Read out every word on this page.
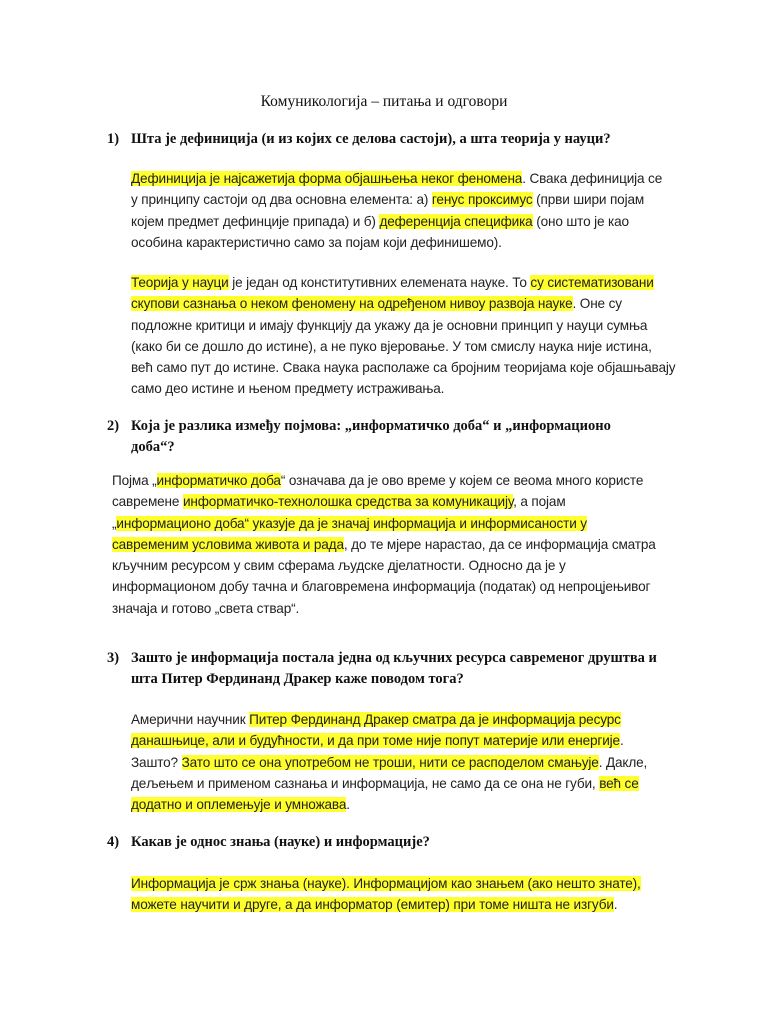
Комуникологија – питања и одговори
1) Шта је дефиниција (и из којих се делова састоји), а шта теорија у науци?
Дефиниција је најсажетија форма објашњења неког феномена. Свака дефиниција се у принципу састоји од два основна елемента: а) генус проксимус (први шири појам којем предмет дефинције припада) и б) деференција специфика (оно што је као особина карактеристично само за појам који дефинишемо).
Теорија у науци је један од конститутивних елемената науке. То су систематизовани скупови сазнања о неком феномену на одређеном нивоу развоја науке. Оне су подложне критици и имају функцију да укажу да је основни принцип у науци сумња (како би се дошло до истине), а не пуко вјеровање. У том смислу наука није истина, већ само пут до истине. Свака наука располаже са бројним теоријама које објашњавају само део истине и њеном предмету истраживања.
2) Која је разлика између појмова: „информатичко доба“ и „информационо доба“?
Појма „информатичко доба“ означава да је ово време у којем се веома много користе савремене информатичко-технолошка средства за комуникацију, а појам „информационо доба“ указује да је значај информација и информисаности у савременим условима живота и рада, до те мјере нарастао, да се информација сматра кључним ресурсом у свим сферама људске дјелатности. Односно да је у информационом добу тачна и благовремена информација (податак) од непроцјењивог значаја и готово „света ствар“.
3) Зашто је информација постала једна од кључних ресурса савременог друштва и шта Питер Фердинанд Дракер каже поводом тога?
Амерични научник Питер Фердинанд Дракер сматра да је информација ресурс данашњице, али и будућности, и да при томе није попут материје или енергије. Зашто? Зато што се она употребом не троши, нити се расподелом смањује. Дакле, дељењем и применом сазнања и информација, не само да се она не губи, већ се додатно и оплемењује и умножава.
4) Какав је однос знања (науке) и информације?
Информација је срж знања (науке). Информацијом као знањем (ако нешто знате), можете научити и друге, а да информатор (емитер) при томе ништа не изгуби.
